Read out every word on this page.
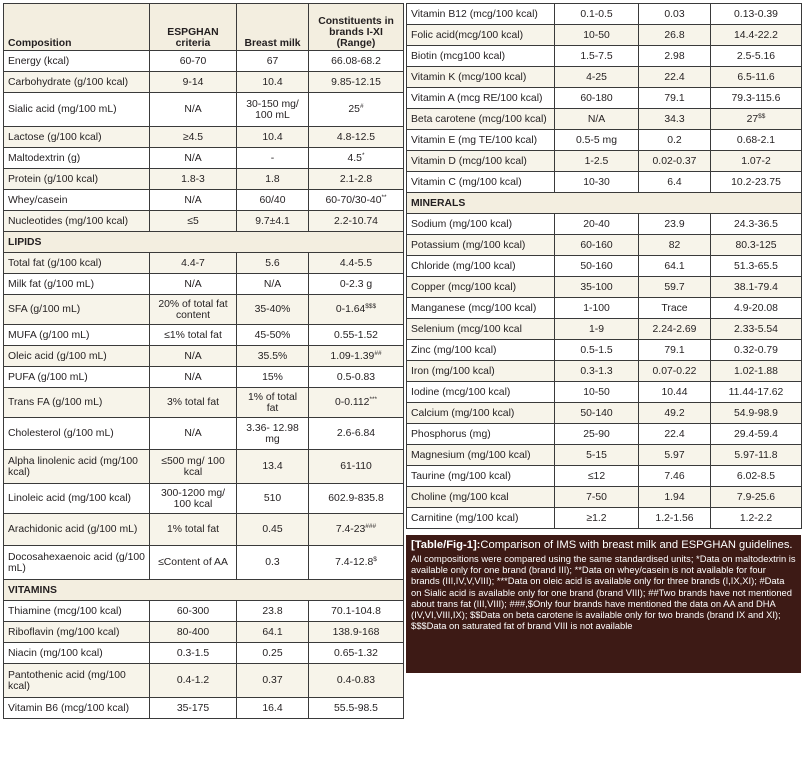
Composition	ESPGHAN criteria	Breast milk	Constituents in brands I-XI (Range)
Energy (kcal)	60-70	67	66.08-68.2
Carbohydrate (g/100 kcal)	9-14	10.4	9.85-12.15
Sialic acid (mg/100 mL)	N/A	30-150 mg/ 100 mL	25#
Lactose (g/100 kcal)	≥4.5	10.4	4.8-12.5
Maltodextrin (g)	N/A	-	4.5*
Protein (g/100 kcal)	1.8-3	1.8	2.1-2.8
Whey/casein	N/A	60/40	60-70/30-40**
Nucleotides (mg/100 kcal)	≤5	9.7±4.1	2.2-10.74
LIPIDS			
Total fat (g/100 kcal)	4.4-7	5.6	4.4-5.5
Milk fat (g/100 mL)	N/A	N/A	0-2.3 g
SFA (g/100 mL)	20% of total fat content	35-40%	0-1.64$$$
MUFA (g/100 mL)	≤1% total fat	45-50%	0.55-1.52
Oleic acid (g/100 mL)	N/A	35.5%	1.09-1.39##
PUFA (g/100 mL)	N/A	15%	0.5-0.83
Trans FA (g/100 mL)	3% total fat	1% of total fat	0-0.112***
Cholesterol (g/100 mL)	N/A	3.36- 12.98 mg	2.6-6.84
Alpha linolenic acid (mg/100 kcal)	≤500 mg/ 100 kcal	13.4	61-110
Linoleic acid (mg/100 kcal)	300-1200 mg/ 100 kcal	510	602.9-835.8
Arachidonic acid (g/100 mL)	1% total fat	0.45	7.4-23###
Docosahexaenoic acid (g/100 mL)	≤Content of AA	0.3	7.4-12.8$
VITAMINS			
Thiamine (mcg/100 kcal)	60-300	23.8	70.1-104.8
Riboflavin (mg/100 kcal)	80-400	64.1	138.9-168
Niacin (mg/100 kcal)	0.3-1.5	0.25	0.65-1.32
Pantothenic acid (mg/100 kcal)	0.4-1.2	0.37	0.4-0.83
Vitamin B6 (mcg/100 kcal)	35-175	16.4	55.5-98.5
Vitamin B12 (mcg/100 kcal)	0.1-0.5	0.03	0.13-0.39
Folic acid(mcg/100 kcal)	10-50	26.8	14.4-22.2
Biotin (mcg100 kcal)	1.5-7.5	2.98	2.5-5.16
Vitamin K (mcg/100 kcal)	4-25	22.4	6.5-11.6
Vitamin A (mcg RE/100 kcal)	60-180	79.1	79.3-115.6
Beta carotene (mcg/100 kcal)	N/A	34.3	27$$
Vitamin E (mg TE/100 kcal)	0.5-5 mg	0.2	0.68-2.1
Vitamin D (mcg/100 kcal)	1-2.5	0.02-0.37	1.07-2
Vitamin C (mg/100 kcal)	10-30	6.4	10.2-23.75
MINERALS			
Sodium (mg/100 kcal)	20-40	23.9	24.3-36.5
Potassium (mg/100 kcal)	60-160	82	80.3-125
Chloride (mg/100 kcal)	50-160	64.1	51.3-65.5
Copper (mcg/100 kcal)	35-100	59.7	38.1-79.4
Manganese (mcg/100 kcal)	1-100	Trace	4.9-20.08
Selenium (mcg/100 kcal	1-9	2.24-2.69	2.33-5.54
Zinc (mg/100 kcal)	0.5-1.5	79.1	0.32-0.79
Iron (mg/100 kcal)	0.3-1.3	0.07-0.22	1.02-1.88
Iodine (mcg/100 kcal)	10-50	10.44	11.44-17.62
Calcium (mg/100 kcal)	50-140	49.2	54.9-98.9
Phosphorus (mg)	25-90	22.4	29.4-59.4
Magnesium (mg/100 kcal)	5-15	5.97	5.97-11.8
Taurine (mg/100 kcal)	≤12	7.46	6.02-8.5
Choline (mg/100 kcal	7-50	1.94	7.9-25.6
Carnitine (mg/100 kcal)	≥1.2	1.2-1.56	1.2-2.2

[Table/Fig-1]:Comparison of IMS with breast milk and ESPGHAN guidelines.

All compositions were compared using the same standardised units; *Data on maltodextrin is available only for one brand (brand III); **Data on whey/casein is not available for four brands (III,IV,V,VIII); ***Data on oleic acid is available only for three brands (I,IX,XI); #Data on Sialic acid is available only for one brand (brand VIII); ##Two brands have not mentioned about trans fat (III,VIII); ###,$Only four brands have mentioned the data on AA and DHA (IV,VI,VIII,IX); $$Data on beta carotene is available only for two brands (brand IX and XI); $$$Data on saturated fat of brand VIII is not available
